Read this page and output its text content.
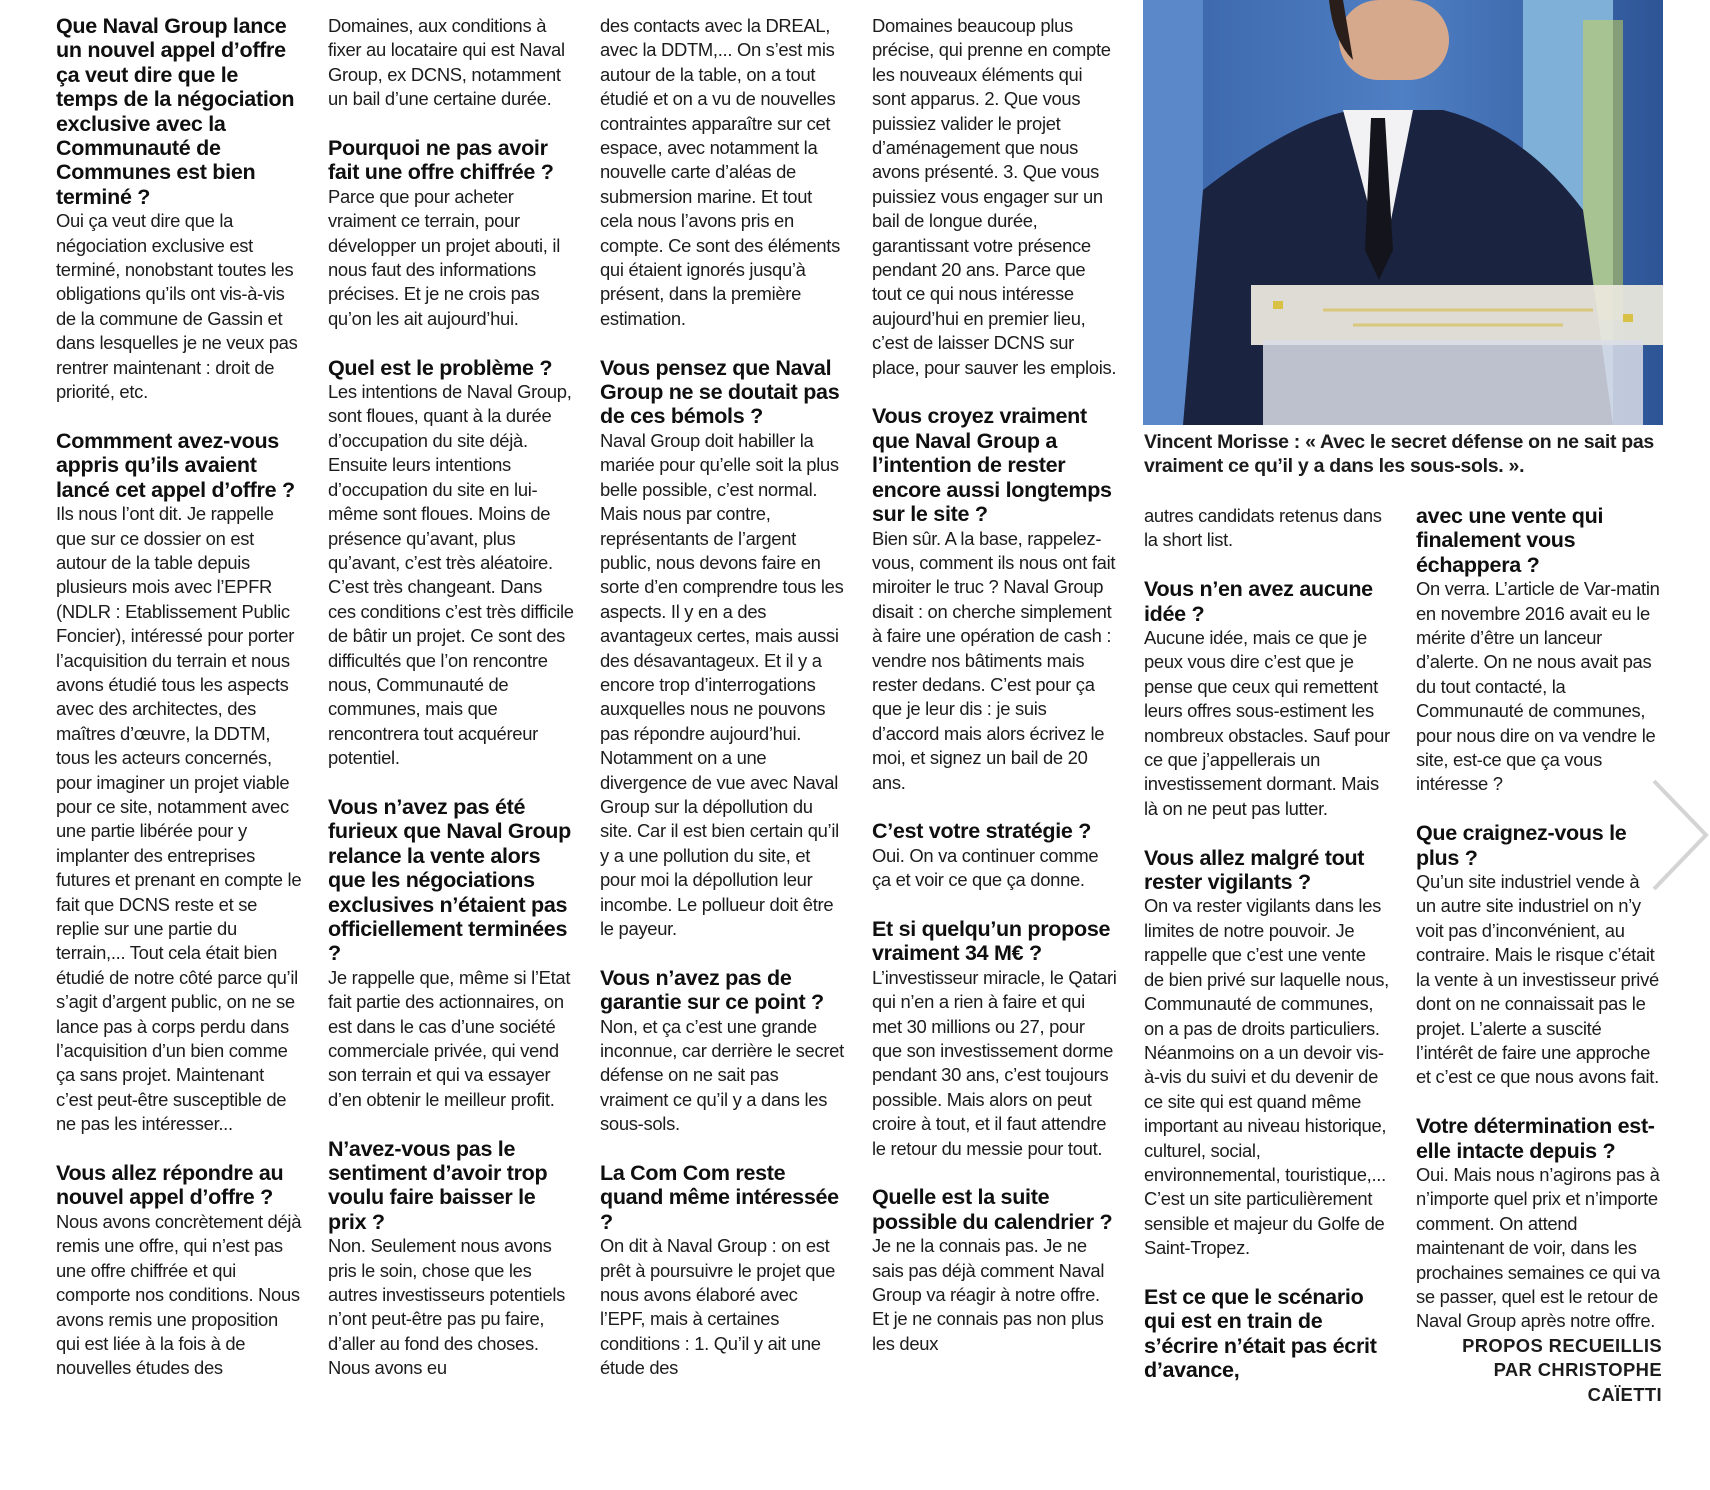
Que Naval Group lance un nouvel appel d’offre ça veut dire que le temps de la négociation exclusive avec la Communauté de Communes est bien terminé ?

Oui ça veut dire que la négociation exclusive est terminé, nonobstant toutes les obligations qu’ils ont vis-à-vis de la commune de Gassin et dans lesquelles je ne veux pas rentrer maintenant : droit de priorité, etc.

Commment avez-vous appris qu’ils avaient lancé cet appel d’offre ?

Ils nous l’ont dit. Je rappelle que sur ce dossier on est autour de la table depuis plusieurs mois avec l’EPFR (NDLR : Etablissement Public Foncier), intéressé pour porter l’acquisition du terrain et nous avons étudié tous les aspects avec des architectes, des maîtres d’œuvre, la DDTM, tous les acteurs concernés, pour imaginer un projet viable pour ce site, notamment avec une partie libérée pour y implanter des entreprises futures et prenant en compte le fait que DCNS reste et se replie sur une partie du terrain,... Tout cela était bien étudié de notre côté parce qu’il s’agit d’argent public, on ne se lance pas à corps perdu dans l’acquisition d’un bien comme ça sans projet. Maintenant c’est peut-être susceptible de ne pas les intéresser...

Vous allez répondre au nouvel appel d’offre ?

Nous avons concrètement déjà remis une offre, qui n’est pas une offre chiffrée et qui comporte nos conditions. Nous avons remis une proposition qui est liée à la fois à de nouvelles études des

Domaines, aux conditions à fixer au locataire qui est Naval Group, ex DCNS, notamment un bail d’une certaine durée.

Pourquoi ne pas avoir fait une offre chiffrée ?

Parce que pour acheter vraiment ce terrain, pour développer un projet abouti, il nous faut des informations précises. Et je ne crois pas qu’on les ait aujourd’hui.

Quel est le problème ?

Les intentions de Naval Group, sont floues, quant à la durée d’occupation du site déjà. Ensuite leurs intentions d’occupation du site en lui-même sont floues. Moins de présence qu’avant, plus qu’avant, c’est très aléatoire. C’est très changeant. Dans ces conditions c’est très difficile de bâtir un projet. Ce sont des difficultés que l’on rencontre nous, Communauté de communes, mais que rencontrera tout acquéreur potentiel.

Vous n’avez pas été furieux que Naval Group relance la vente alors que les négociations exclusives n’étaient pas officiellement terminées ?

Je rappelle que, même si l’Etat fait partie des actionnaires, on est dans le cas d’une société commerciale privée, qui vend son terrain et qui va essayer d’en obtenir le meilleur profit.

N’avez-vous pas le sentiment d’avoir trop voulu faire baisser le prix ?

Non. Seulement nous avons pris le soin, chose que les autres investisseurs potentiels n’ont peut-être pas pu faire, d’aller au fond des choses. Nous avons eu

des contacts avec la DREAL, avec la DDTM,... On s’est mis autour de la table, on a tout étudié et on a vu de nouvelles contraintes apparaître sur cet espace, avec notamment la nouvelle carte d’aléas de submersion marine. Et tout cela nous l’avons pris en compte. Ce sont des éléments qui étaient ignorés jusqu’à présent, dans la première estimation.

Vous pensez que Naval Group ne se doutait pas de ces bémols ?

Naval Group doit habiller la mariée pour qu’elle soit la plus belle possible, c’est normal. Mais nous par contre, représentants de l’argent public, nous devons faire en sorte d’en comprendre tous les aspects. Il y en a des avantageux certes, mais aussi des désavantageux. Et il y a encore trop d’interrogations auxquelles nous ne pouvons pas répondre aujourd’hui. Notamment on a une divergence de vue avec Naval Group sur la dépollution du site. Car il est bien certain qu’il y a une pollution du site, et pour moi la dépollution leur incombe. Le pollueur doit être le payeur.

Vous n’avez pas de garantie sur ce point ?

Non, et ça c’est une grande inconnue, car derrière le secret défense on ne sait pas vraiment ce qu’il y a dans les sous-sols.

La Com Com reste quand même intéressée ?

On dit à Naval Group : on est prêt à poursuivre le projet que nous avons élaboré avec l’EPF, mais à certaines conditions : 1. Qu’il y ait une étude des

Domaines beaucoup plus précise, qui prenne en compte les nouveaux éléments qui sont apparus. 2. Que vous puissiez valider le projet d’aménagement que nous avons présenté. 3. Que vous puissiez vous engager sur un bail de longue durée, garantissant votre présence pendant 20 ans. Parce que tout ce qui nous intéresse aujourd’hui en premier lieu, c’est de laisser DCNS sur place, pour sauver les emplois.

Vous croyez vraiment que Naval Group a l’intention de rester encore aussi longtemps sur le site ?

Bien sûr. A la base, rappelez-vous, comment ils nous ont fait miroiter le truc ? Naval Group disait : on cherche simplement à faire une opération de cash : vendre nos bâtiments mais rester dedans. C’est pour ça que je leur dis : je suis d’accord mais alors écrivez le moi, et signez un bail de 20 ans.

C’est votre stratégie ?

Oui. On va continuer comme ça et voir ce que ça donne.

Et si quelqu’un propose vraiment 34 M€ ?

L’investisseur miracle, le Qatari qui n’en a rien à faire et qui met 30 millions ou 27, pour que son investissement dorme pendant 30 ans, c’est toujours possible. Mais alors on peut croire à tout, et il faut attendre le retour du messie pour tout.

Quelle est la suite possible du calendrier ?

Je ne la connais pas. Je ne sais pas déjà comment Naval Group va réagir à notre offre. Et je ne connais pas non plus les deux

Vincent Morisse : « Avec le secret défense on ne sait pas vraiment ce qu’il y a dans les sous-sols. ».

autres candidats retenus dans la short list.

Vous n’en avez aucune idée ?

Aucune idée, mais ce que je peux vous dire c’est que je pense que ceux qui remettent leurs offres sous-estiment les nombreux obstacles. Sauf pour ce que j’appellerais un investissement dormant. Mais là on ne peut pas lutter.

Vous allez malgré tout rester vigilants ?

On va rester vigilants dans les limites de notre pouvoir. Je rappelle que c’est une vente de bien privé sur laquelle nous, Communauté de communes, on a pas de droits particuliers. Néanmoins on a un devoir vis-à-vis du suivi et du devenir de ce site qui est quand même important au niveau historique, culturel, social, environnemental, touristique,... C’est un site particulièrement sensible et majeur du Golfe de Saint-Tropez.

Est ce que le scénario qui est en train de s’écrire n’était pas écrit d’avance,
avec une vente qui finalement vous échappera ?

On verra. L’article de Var-matin en novembre 2016 avait eu le mérite d’être un lanceur d’alerte. On ne nous avait pas du tout contacté, la Communauté de communes, pour nous dire on va vendre le site, est-ce que ça vous intéresse ?

Que craignez-vous le plus ?

Qu’un site industriel vende à un autre site industriel on n’y voit pas d’inconvénient, au contraire. Mais le risque c’était la vente à un investisseur privé dont on ne connaissait pas le projet. L’alerte a suscité l’intérêt de faire une approche et c’est ce que nous avons fait.

Votre détermination est-elle intacte depuis ?

Oui. Mais nous n’agirons pas à n’importe quel prix et n’importe comment. On attend maintenant de voir, dans les prochaines semaines ce qui va se passer, quel est le retour de Naval Group après notre offre.

PROPOS RECUEILLIS
PAR CHRISTOPHE CAÏETTI
